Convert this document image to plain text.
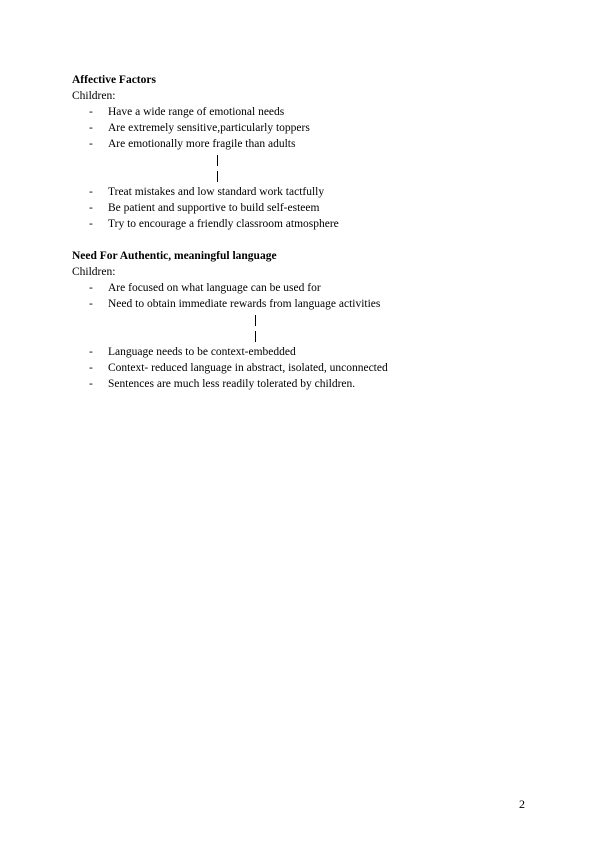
Affective Factors
Children:
- Have a wide range of emotional needs
- Are extremely sensitive,particularly toppers
- Are emotionally more fragile than adults
- Treat mistakes and low standard work tactfully
- Be patient and supportive to build self-esteem
- Try to encourage a friendly classroom atmosphere
Need For Authentic, meaningful language
Children:
- Are focused on what language can be used for
- Need to obtain immediate rewards from language activities
- Language needs to be context-embedded
- Context- reduced language in abstract, isolated, unconnected
- Sentences are much less readily tolerated by children.
2
